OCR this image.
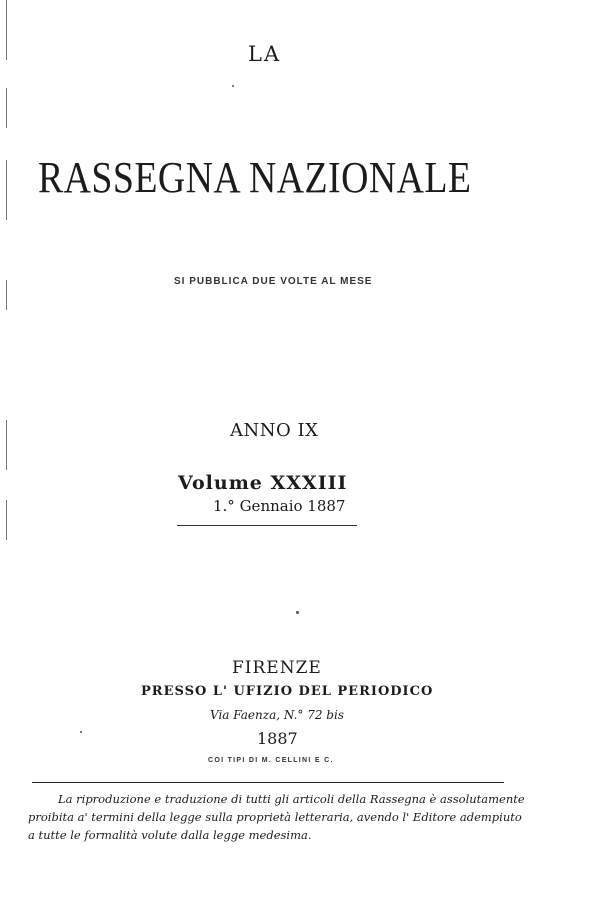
LA
RASSEGNA NAZIONALE
SI PUBBLICA DUE VOLTE AL MESE
ANNO IX
Volume XXXIII
1.° Gennaio 1887
FIRENZE
PRESSO L' UFIZIO DEL PERIODICO
Via Faenza, N.° 72 bis
1887
COI TIPI DI M. CELLINI E C.
La riproduzione e traduzione di tutti gli articoli della Rassegna è assolutamente
proibita a' termini della legge sulla proprietà letteraria, avendo l' Editore adempiuto
a tutte le formalità volute dalla legge medesima.
